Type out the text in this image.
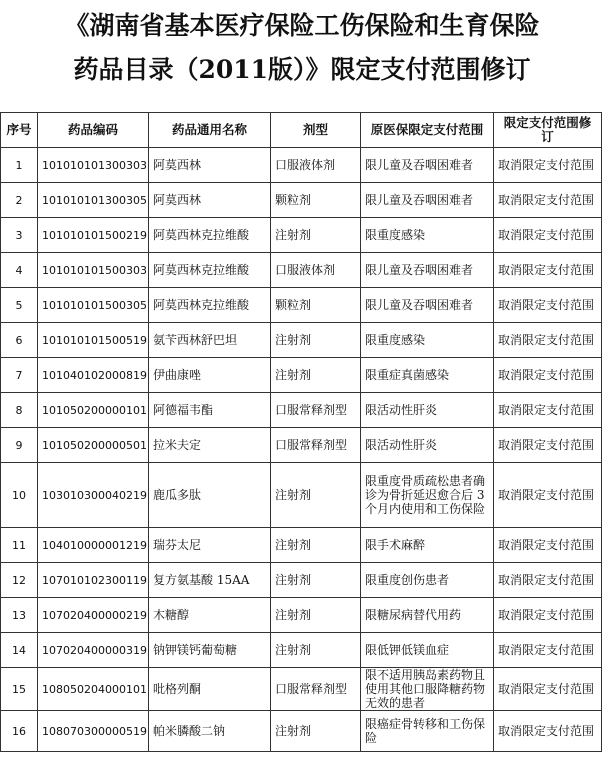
《湖南省基本医疗保险工伤保险和生育保险
药品目录（2011版）》限定支付范围修订
序号	药品编码	药品通用名称	剂型	原医保限定支付范围	限定支付范围修订
1	101010101300303	阿莫西林	口服液体剂	限儿童及吞咽困难者	取消限定支付范围
2	101010101300305	阿莫西林	颗粒剂	限儿童及吞咽困难者	取消限定支付范围
3	101010101500219	阿莫西林克拉维酸	注射剂	限重度感染	取消限定支付范围
4	101010101500303	阿莫西林克拉维酸	口服液体剂	限儿童及吞咽困难者	取消限定支付范围
5	101010101500305	阿莫西林克拉维酸	颗粒剂	限儿童及吞咽困难者	取消限定支付范围
6	101010101500519	氨苄西林舒巴坦	注射剂	限重度感染	取消限定支付范围
7	101040102000819	伊曲康唑	注射剂	限重症真菌感染	取消限定支付范围
8	101050200000101	阿德福韦酯	口服常释剂型	限活动性肝炎	取消限定支付范围
9	101050200000501	拉米夫定	口服常释剂型	限活动性肝炎	取消限定支付范围
10	103010300040219	鹿瓜多肽	注射剂	限重度骨质疏松患者确诊为骨折延迟愈合后 3 个月内使用和工伤保险	取消限定支付范围
11	104010000001219	瑞芬太尼	注射剂	限手术麻醉	取消限定支付范围
12	107010102300119	复方氨基酸 15AA	注射剂	限重度创伤患者	取消限定支付范围
13	107020400000219	木糖醇	注射剂	限糖尿病替代用药	取消限定支付范围
14	107020400000319	钠钾镁钙葡萄糖	注射剂	限低钾低镁血症	取消限定支付范围
15	108050204000101	吡格列酮	口服常释剂型	限不适用胰岛素药物且使用其他口服降糖药物无效的患者	取消限定支付范围
16	108070300000519	帕米膦酸二钠	注射剂	限癌症骨转移和工伤保险	取消限定支付范围
